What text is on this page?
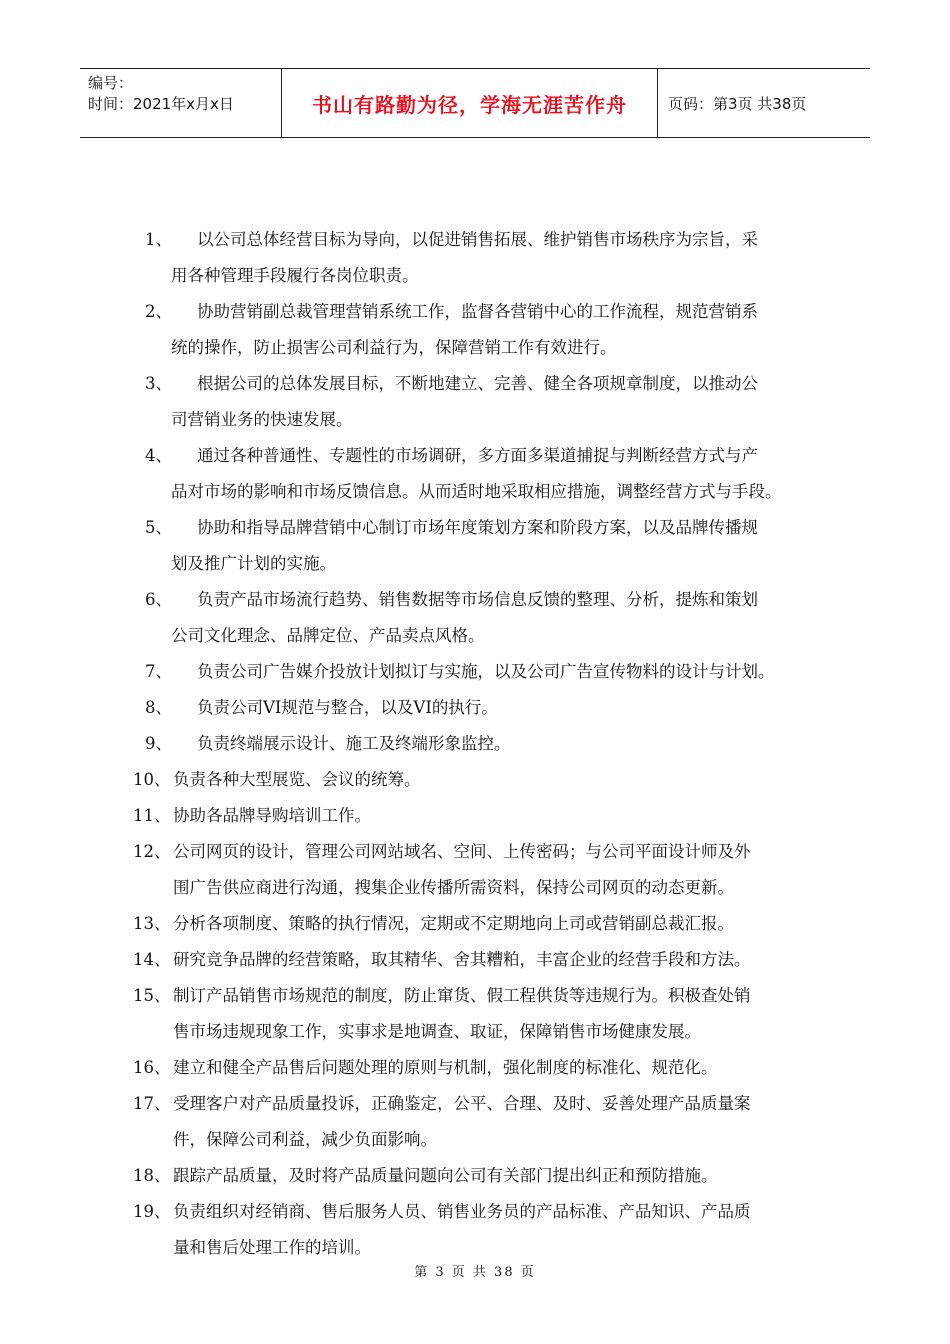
编号：
时间：2021年x月x日	书山有路勤为径，学海无涯苦作舟	页码：第3页 共38页
1、	以公司总体经营目标为导向，以促进销售拓展、维护销售市场秩序为宗旨，采
用各种管理手段履行各岗位职责。
2、	协助营销副总裁管理营销系统工作，监督各营销中心的工作流程，规范营销系
统的操作，防止损害公司利益行为，保障营销工作有效进行。
3、	根据公司的总体发展目标，不断地建立、完善、健全各项规章制度，以推动公
司营销业务的快速发展。
4、	通过各种普通性、专题性的市场调研，多方面多渠道捕捉与判断经营方式与产
品对市场的影响和市场反馈信息。从而适时地采取相应措施，调整经营方式与手段。
5、	协助和指导品牌营销中心制订市场年度策划方案和阶段方案，以及品牌传播规
划及推广计划的实施。
6、	负责产品市场流行趋势、销售数据等市场信息反馈的整理、分析，提炼和策划
公司文化理念、品牌定位、产品卖点风格。
7、	负责公司广告媒介投放计划拟订与实施，以及公司广告宣传物料的设计与计划。
8、	负责公司VI规范与整合，以及VI的执行。
9、	负责终端展示设计、施工及终端形象监控。
10、 负责各种大型展览、会议的统筹。
11、 协助各品牌导购培训工作。
12、 公司网页的设计，管理公司网站域名、空间、上传密码；与公司平面设计师及外
围广告供应商进行沟通，搜集企业传播所需资料，保持公司网页的动态更新。
13、 分析各项制度、策略的执行情况，定期或不定期地向上司或营销副总裁汇报。
14、 研究竞争品牌的经营策略，取其精华、舍其糟粕，丰富企业的经营手段和方法。
15、 制订产品销售市场规范的制度，防止窜货、假工程供货等违规行为。积极查处销
售市场违规现象工作，实事求是地调查、取证，保障销售市场健康发展。
16、 建立和健全产品售后问题处理的原则与机制，强化制度的标准化、规范化。
17、 受理客户对产品质量投诉，正确鉴定，公平、合理、及时、妥善处理产品质量案
件，保障公司利益，减少负面影响。
18、 跟踪产品质量，及时将产品质量问题向公司有关部门提出纠正和预防措施。
19、 负责组织对经销商、售后服务人员、销售业务员的产品标准、产品知识、产品质
量和售后处理工作的培训。
第 3 页 共 38 页
